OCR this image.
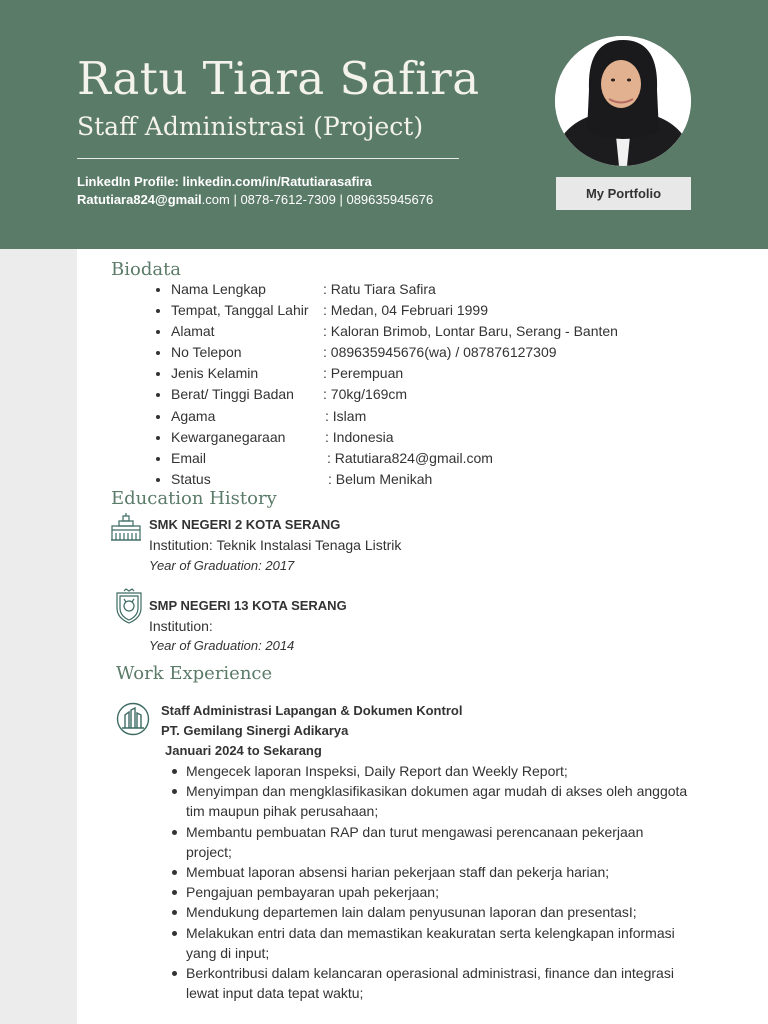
Ratu Tiara Safira
Staff Administrasi (Project)
LinkedIn Profile: linkedin.com/in/Ratutiarasafira
Ratutiara824@gmail.com | 0878-7612-7309 | 089635945676	My Portfolio
Biodata
Nama Lengkap	: Ratu Tiara Safira
Tempat, Tanggal Lahir : Medan, 04 Februari 1999
Alamat	: Kaloran Brimob, Lontar Baru, Serang - Banten
No Telepon	: 089635945676(wa) / 087876127309
Jenis Kelamin	: Perempuan
Berat/ Tinggi Badan : 70kg/169cm
Agama	: Islam
Kewarganegaraan	: Indonesia
Email	: Ratutiara824@gmail.com
Status	: Belum Menikah
Education History
SMK NEGERI 2 KOTA SERANG
Institution: Teknik Instalasi Tenaga Listrik
Year of Graduation: 2017
SMP NEGERI 13 KOTA SERANG
Institution:
Year of Graduation: 2014
Work Experience
Staff Administrasi Lapangan & Dokumen Kontrol
PT. Gemilang Sinergi Adikarya
Januari 2024 to Sekarang
Mengecek laporan Inspeksi, Daily Report dan Weekly Report;
Menyimpan dan mengklasifikasikan dokumen agar mudah di akses oleh anggota tim maupun pihak perusahaan;
Membantu pembuatan RAP dan turut mengawasi perencanaan pekerjaan project;
Membuat laporan absensi harian pekerjaan staff dan pekerja harian;
Pengajuan pembayaran upah pekerjaan;
Mendukung departemen lain dalam penyusunan laporan dan presentasI;
Melakukan entri data dan memastikan keakuratan serta kelengkapan informasi yang di input;
Berkontribusi dalam kelancaran operasional administrasi, finance dan integrasi lewat input data tepat waktu;
